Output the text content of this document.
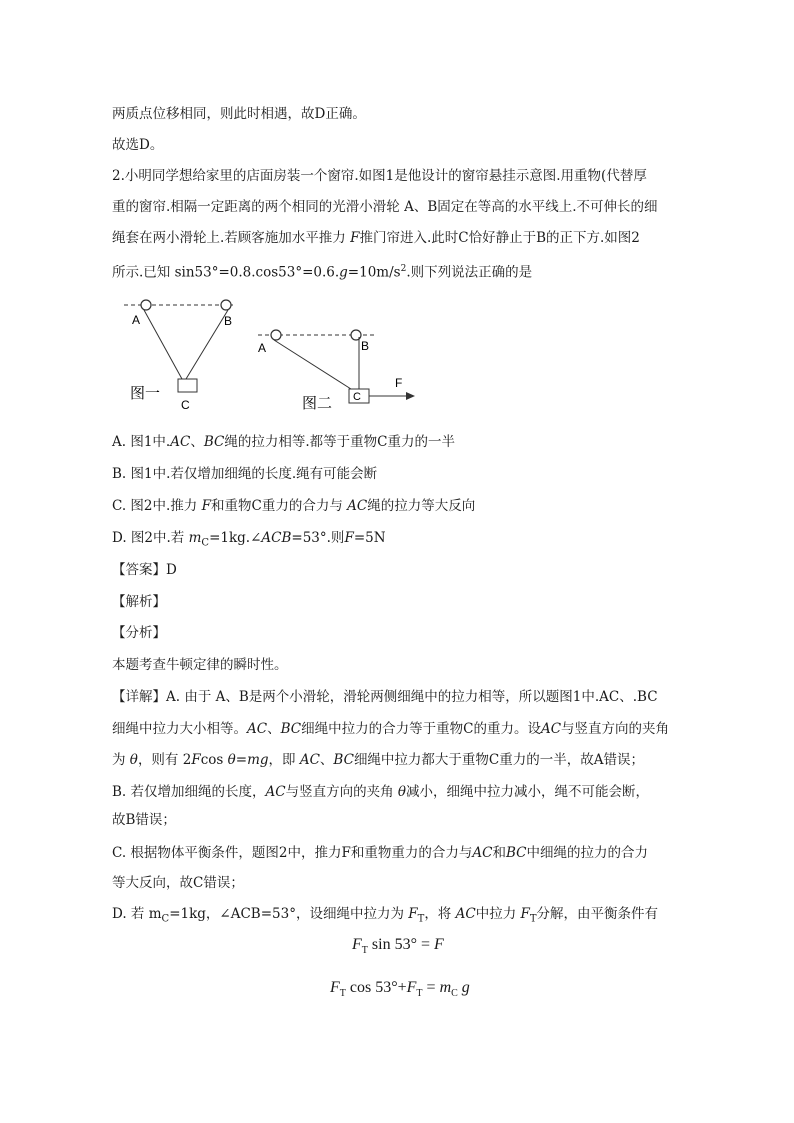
两质点位移相同，则此时相遇，故D正确。
故选D。
2.小明同学想给家里的店面房装一个窗帘.如图1是他设计的窗帘悬挂示意图.用重物(代替厚
重的窗帘.相隔一定距离的两个相同的光滑小滑轮 A、B固定在等高的水平线上.不可伸长的细
绳套在两小滑轮上.若顾客施加水平推力 F推门帘进入.此时C恰好静止于B的正下方.如图2
所示.已知 $\sin 53^\circ=0.8.\cos 53^\circ=0.6.g=10m/s^2$.则下列说法正确的是
A	B
C
图一
A	B
C
F
图二
A. 图1中.AC、BC绳的拉力相等.都等于重物C重力的一半
B. 图1中.若仅增加细绳的长度.绳有可能会断
C. 图2中.推力 F和重物C重力的合力与 AC绳的拉力等大反向
D. 图2中.若 $m_C=1kg.\angle ACB=53^\circ$.则F=5N
【答案】D
【解析】
【分析】
本题考查牛顿定律的瞬时性。
【详解】A. 由于 A、B是两个小滑轮，滑轮两侧细绳中的拉力相等，所以题图1中.AC、.BC
细绳中拉力大小相等。AC、BC细绳中拉力的合力等于重物C的重力。设AC与竖直方向的夹角
为 θ，则有 2Fcos θ=mg，即 AC、BC细绳中拉力都大于重物C重力的一半，故A错误；
B. 若仅增加细绳的长度，AC与竖直方向的夹角 θ减小，细绳中拉力减小，绳不可能会断，
故B错误；
C. 根据物体平衡条件，题图2中，推力F和重物重力的合力与AC和BC中细绳的拉力的合力
等大反向，故C错误；
D. 若 $m_C=1kg$，∠ACB=53°，设细绳中拉力为 $F_T$，将 AC中拉力 $F_T$分解，由平衡条件有
$F_T$ sin 53° = F
$F_T$ $\cos 53^\circ+F_T = m_C$ g
